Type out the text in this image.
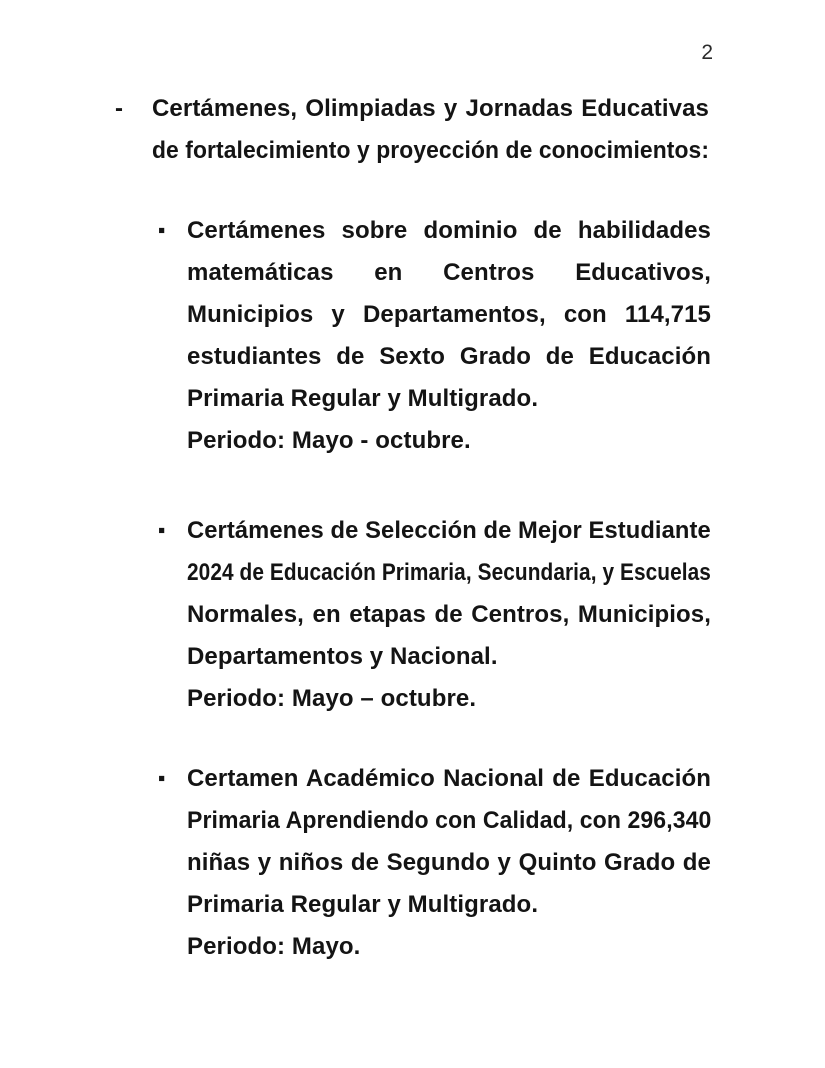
2
- Certámenes, Olimpiadas y Jornadas Educativas
de fortalecimiento y proyección de conocimientos:
▪ Certámenes sobre dominio de habilidades
matemáticas en Centros Educativos,
Municipios y Departamentos, con 114,715
estudiantes de Sexto Grado de Educación
Primaria Regular y Multigrado.
Periodo: Mayo - octubre.
▪ Certámenes de Selección de Mejor Estudiante
2024 de Educación Primaria, Secundaria, y Escuelas
Normales, en etapas de Centros, Municipios,
Departamentos y Nacional.
Periodo: Mayo – octubre.
▪ Certamen Académico Nacional de Educación
Primaria Aprendiendo con Calidad, con 296,340
niñas y niños de Segundo y Quinto Grado de
Primaria Regular y Multigrado.
Periodo: Mayo.
